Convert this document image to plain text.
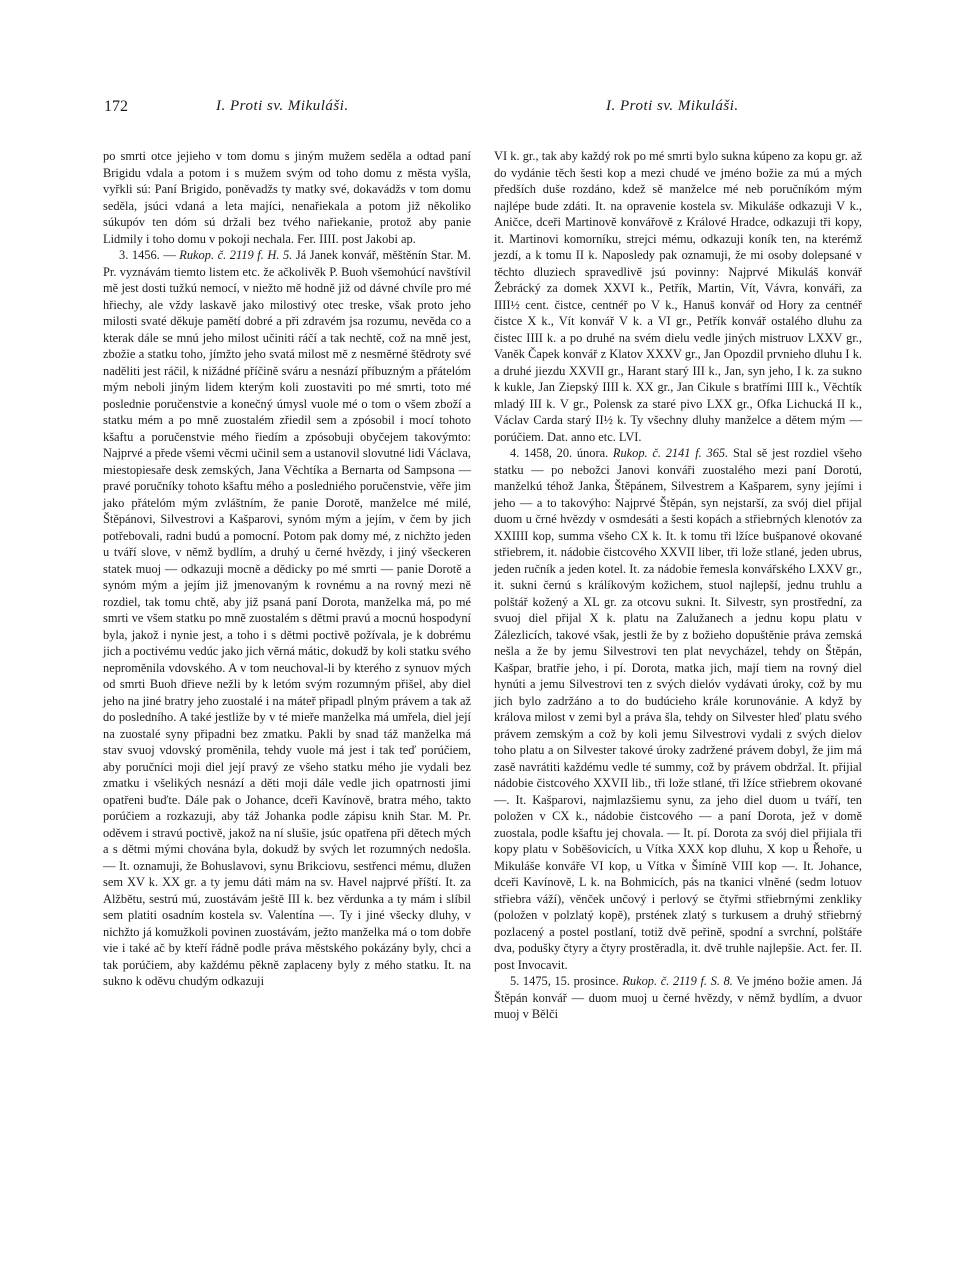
172	I. Proti sv. Mikuláši.	I. Proti sv. Mikuláši.

po smrti otce jejieho v tom domu s jiným mužem seděla a odtad paní Brigidu vdala a potom i s mužem svým od toho domu z města vyšla, vyřkli sú: Paní Brigido, poněvadžs ty matky své, dokavádžs v tom domu seděla, jsúci vdaná a leta majíci, nenařiekala a potom již několiko súkupóv ten dóm sú držali bez tvého nařiekanie, protož aby panie Lidmily i toho domu v pokoji nechala. Fer. IIII. post Jakobi ap.

3. 1456. — Rukop. č. 2119 f. H. 5. Já Janek konvář, měštěnín Star. M. Pr. vyznávám tiemto listem etc. že ačkolivěk P. Buoh všemohúcí navštívil mě jest dosti tužkú nemocí, v niežto mě hodně již od dávné chvíle pro mé hřiechy, ale vždy laskavě jako milostivý otec treske, však proto jeho milosti svaté děkuje pamětí dobré a při zdravém jsa rozumu, nevěda co a kterak dále se mnú jeho milost učiniti ráčí a tak nechtě, což na mně jest, zbožie a statku toho, jímžto jeho svatá milost mě z nesměrné štědroty své naděliti jest ráčil, k nižádné příčině sváru a nesnází příbuzným a přátelóm mým neboli jiným lidem kterým koli zuostaviti po mé smrti, toto mé poslednie poručenstvie a konečný úmysl vuole mé o tom o všem zboží a statku mém a po mně zuostalém zřiedil sem a zpósobil i mocí tohoto kšaftu a poručenstvie mého řiedím a zpósobuji obyčejem takovýmto: Najprvé a přede všemi věcmi učinil sem a ustanovil slovutné lidi Václava, miestopiesaře desk zemských, Jana Věchtíka a Bernarta od Sampsona — pravé poručníky tohoto kšaftu mého a posledniého poručenstvie, věře jim jako přátelóm mým zvláštním, že panie Dorotě, manželce mé milé, Štěpánovi, Silvestrovi a Kašparovi, synóm mým a jejím, v čem by jich potřebovali, radni budú a pomocní. Potom pak domy mé, z nichžto jeden u tváří slove, v němž bydlím, a druhý u černé hvězdy, i jiný všeckeren statek muoj — odkazuji mocně a dědicky po mé smrti — panie Dorotě a synóm mým a jejím již jmenovaným k rovnému a na rovný mezi ně rozdiel, tak tomu chtě, aby již psaná paní Dorota, manželka má, po mé smrti ve všem statku po mně zuostalém s dětmi pravú a mocnú hospodyní byla, jakož i nynie jest, a toho i s dětmi poctivě požívala, je k dobrému jich a poctivému vedúc jako jich věrná mátic, dokudž by koli statku svého neproměnila vdovského. A v tom neuchoval-li by kterého z synuov mých od smrti Buoh dřieve nežli by k letóm svým rozumným přišel, aby diel jeho na jiné bratry jeho zuostalé i na máteř připadl plným právem a tak až do posledního. A také jestliže by v té mieře manželka má umřela, diel její na zuostalé syny připadni bez zmatku. Pakli by snad táž manželka má stav svuoj vdovský proměnila, tehdy vuole má jest i tak teď porúčiem, aby poručníci moji diel její pravý ze všeho statku mého jie vydali bez zmatku i všelikých nesnází a děti moji dále vedle jich opatrnosti jimi opatřeni buďte. Dále pak o Johance, dceři Kavínově, bratra mého, takto porúčiem a rozkazuji, aby táž Johanka podle zápisu knih Star. M. Pr. oděvem i stravú poctivě, jakož na ní slušie, jsúc opatřena při dětech mých a s dětmi mými chována byla, dokudž by svých let rozumných nedošla. — It. oznamuji, že Bohuslavovi, synu Brikciovu, sestřenci mému, dlužen sem XV k. XX gr. a ty jemu dáti mám na sv. Havel najprvé příští. It. za Alžbětu, sestrú mú, zuostávám ještě III k. bez věrdunka a ty mám i slíbil sem platiti osadním kostela sv. Valentína —. Ty i jiné všecky dluhy, v nichžto já komužkoli povinen zuostávám, ježto manželka má o tom dobře vie i také ač by kteří řádně podle práva městského pokázány byly, chci a tak porúčiem, aby každému pěkně zaplaceny byly z mého statku. It. na sukno k oděvu chudým odkazuji

VI k. gr., tak aby každý rok po mé smrti bylo sukna kúpeno za kopu gr. až do vydánie těch šesti kop a mezi chudé ve jméno božie za mú a mých předších duše rozdáno, kdež sě manželce mé neb poručníkóm mým najlépe bude zdáti. It. na opravenie kostela sv. Mikuláše odkazuji V k., Aničce, dceři Martinově konvářově z Králové Hradce, odkazuji tři kopy, it. Martinovi komorníku, strejci mému, odkazuji koník ten, na kterémž jezdí, a k tomu II k. Naposledy pak oznamuji, že mi osoby dolepsané v těchto dluziech spravedlivě jsú povinny: Najprvé Mikuláš konvář Žebrácký za domek XXVI k., Petřík, Martin, Vít, Vávra, konváři, za IIII½ cent. čistce, centnéř po V k., Hanuš konvář od Hory za centnéř čistce X k., Vít konvář V k. a VI gr., Petřík konvář ostalého dluhu za čistec IIII k. a po druhé na svém dielu vedle jiných mistruov LXXV gr., Vaněk Čapek konvář z Klatov XXXV gr., Jan Opozdil prvnieho dluhu I k. a druhé jiezdu XXVII gr., Harant starý III k., Jan, syn jeho, I k. za sukno k kukle, Jan Ziepský IIII k. XX gr., Jan Cikule s bratřími IIII k., Věchtík mladý III k. V gr., Polensk za staré pivo LXX gr., Ofka Lichucká II k., Václav Carda starý II½ k. Ty všechny dluhy manželce a dětem mým — porúčiem. Dat. anno etc. LVI.

4. 1458, 20. února. Rukop. č. 2141 f. 365. Stal sě jest rozdiel všeho statku — po nebožci Janovi konváři zuostalého mezi paní Dorotú, manželkú téhož Janka, Štěpánem, Silvestrem a Kašparem, syny jejími i jeho — a to takovýho: Najprvé Štěpán, syn nejstarší, za svój diel přijal duom u črné hvězdy v osmdesáti a šesti kopách a střiebrných klenotóv za XXIIII kop, summa všeho CX k. It. k tomu tři lžíce bušpanové okované střiebrem, it. nádobie čistcového XXVII liber, tři lože stlané, jeden ubrus, jeden ručník a jeden kotel. It. za nádobie řemesla konvářského LXXV gr., it. sukni černú s králíkovým kožichem, stuol najlepší, jednu truhlu a polštář kožený a XL gr. za otcovu sukni. It. Silvestr, syn prostřední, za svuoj diel přijal X k. platu na Zalužanech a jednu kopu platu v Zálezlicích, takové však, jestli že by z božieho dopuštěnie práva zemská nešla a že by jemu Silvestrovi ten plat nevycházel, tehdy on Štěpán, Kašpar, bratřie jeho, i pí. Dorota, matka jich, mají tiem na rovný diel hynúti a jemu Silvestrovi ten z svých dielóv vydávati úroky, což by mu jich bylo zadržáno a to do budúcieho krále korunovánie. A když by králova milost v zemi byl a práva šla, tehdy on Silvester hleď platu svého právem zemským a což by koli jemu Silvestrovi vydali z svých dielov toho platu a on Silvester takové úroky zadržené právem dobyl, že jim má zasě navrátiti každému vedle té summy, což by právem obdržal. It. přijial nádobie čistcového XXVII lib., tři lože stlané, tři lžíce střiebrem okované —. It. Kašparovi, najmlazšiemu synu, za jeho diel duom u tváří, ten položen v CX k., nádobie čistcového — a paní Dorota, jež v domě zuostala, podle kšaftu jej chovala. — It. pí. Dorota za svój diel přijiala tři kopy platu v Soběšovicích, u Vítka XXX kop dluhu, X kop u Řehoře, u Mikuláše konváře VI kop, u Vítka v Šimíně VIII kop —. It. Johance, dceři Kavínově, L k. na Bohmicích, pás na tkanici vlněné (sedm lotuov střiebra váží), věnček unčový i perlový se čtyřmi střiebrnými zenkliky (položen v polzlatý kopě), prstének zlatý s turkusem a druhý střiebrný pozlacený a postel postlaní, totiž dvě peřině, spodní a svrchní, polštáře dva, podušky čtyry a čtyry prostěradla, it. dvě truhle najlepšie. Act. fer. II. post Invocavit.

5. 1475, 15. prosince. Rukop. č. 2119 f. S. 8. Ve jméno božie amen. Já Štěpán konvář — duom muoj u černé hvězdy, v němž bydlím, a dvuor muoj v Bělči
